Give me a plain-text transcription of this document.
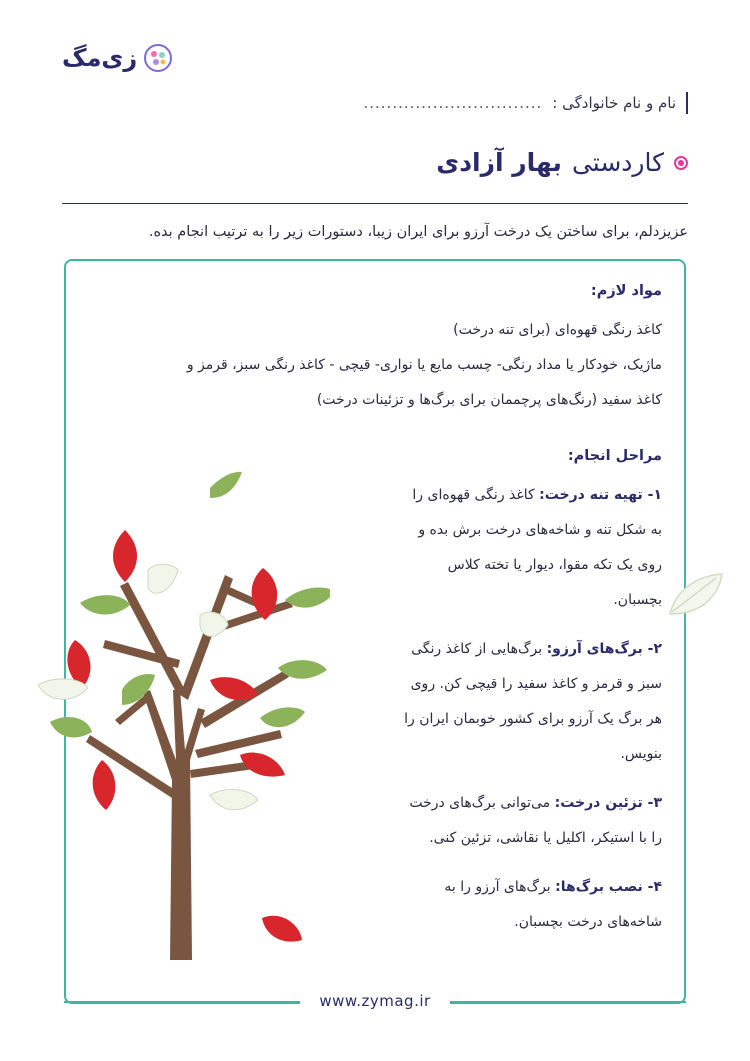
زی‌مگ
نام و نام خانوادگی :
...............................
کاردستی
بهار آزادی
عزیزدلم، برای ساختن یک درخت آرزو برای ایران زیبا، دستورات زیر را به ترتیب انجام بده.

مواد لازم:

کاغذ رنگی قهوه‌ای (برای تنه درخت)

ماژیک، خودکار یا مداد رنگی- چسب مایع یا نواری- قیچی - کاغذ رنگی سبز، قرمز و

کاغذ سفید (رنگ‌های پرچممان برای برگ‌ها و تزئینات درخت)

مراحل انجام:

۱- تهیه تنه درخت: کاغذ رنگی قهوه‌ای را به شکل تنه و شاخه‌های درخت برش بده و روی یک تکه مقوا، دیوار یا تخته کلاس بچسبان.

۲- برگ‌های آرزو: برگ‌هایی از کاغذ رنگی سبز و قرمز و کاغذ سفید را قیچی کن. روی هر برگ یک آرزو برای کشور خوبمان ایران را بنویس.

۳- تزئین درخت: می‌توانی برگ‌های درخت را با استیکر، اکلیل یا نقاشی، تزئین کنی.

۴- نصب برگ‌ها: برگ‌های آرزو را به شاخه‌های درخت بچسبان.

www.zymag.ir
